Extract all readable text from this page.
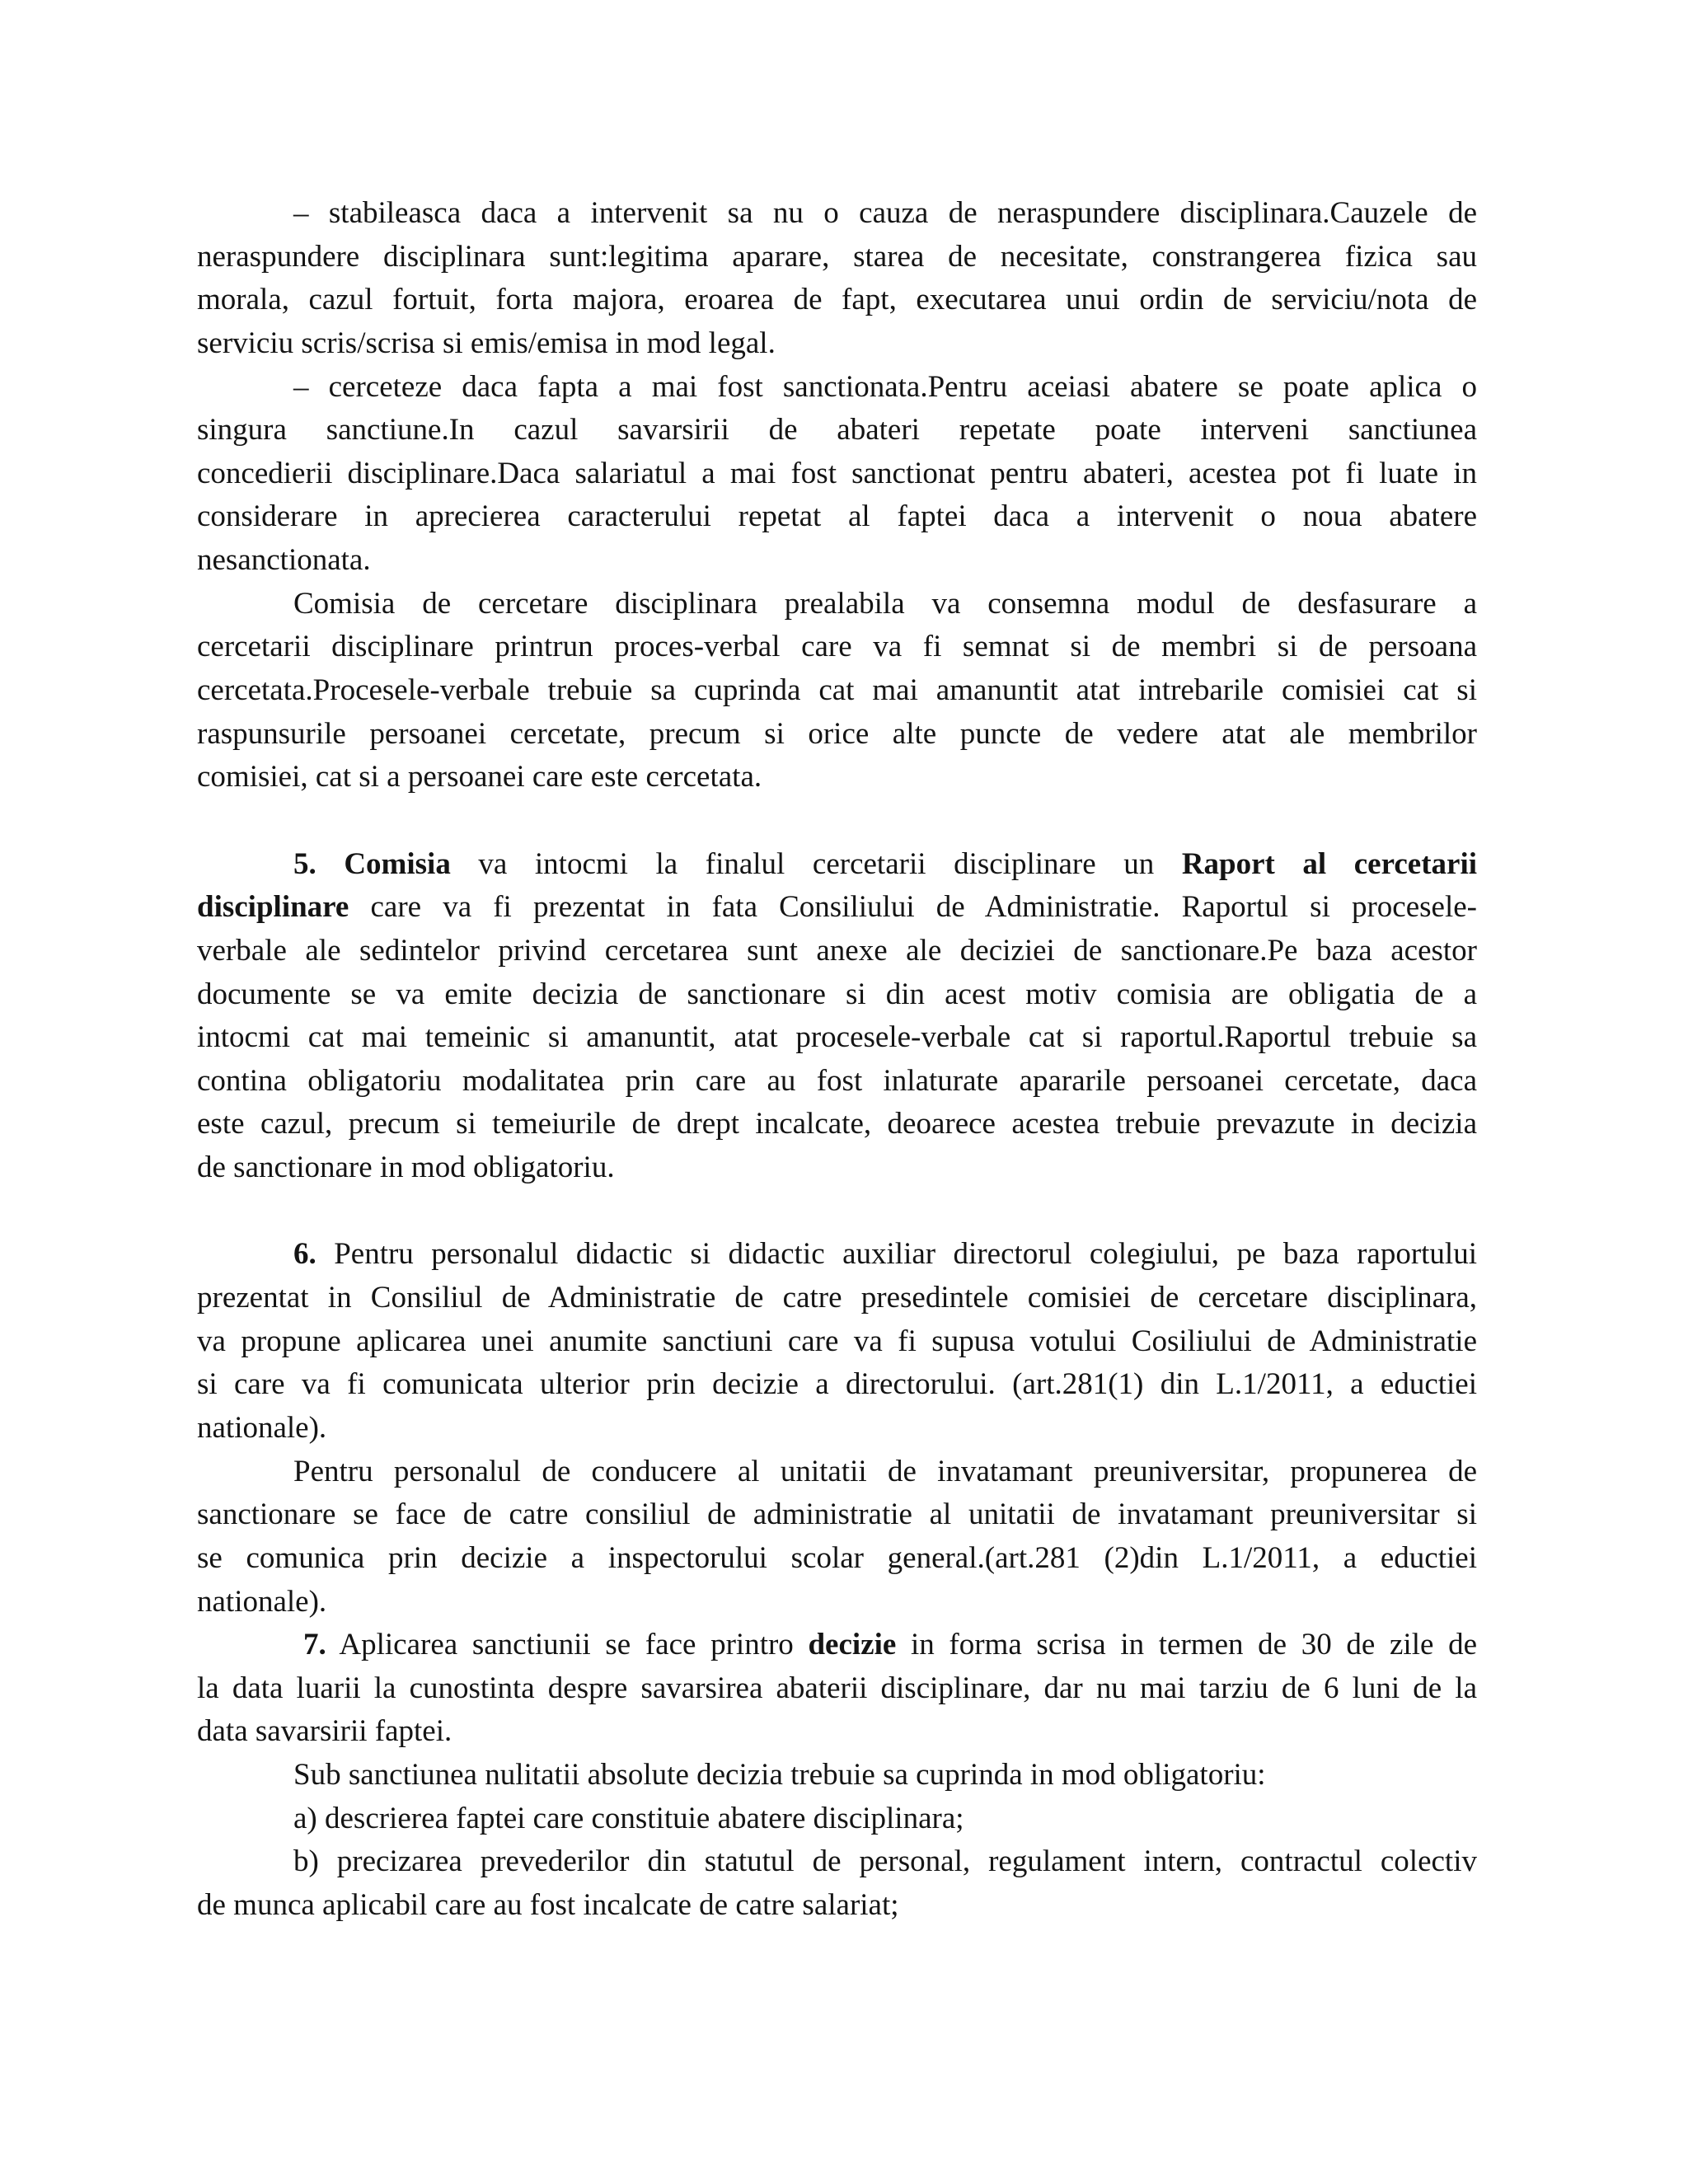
– stabileasca daca a intervenit sa nu o cauza de neraspundere disciplinara.Cauzele de
neraspundere disciplinara sunt:legitima aparare, starea de necesitate, constrangerea fizica sau
morala, cazul fortuit, forta majora, eroarea de fapt, executarea unui ordin de serviciu/nota de
serviciu scris/scrisa si emis/emisa in mod legal.
– cerceteze daca fapta a mai fost sanctionata.Pentru aceiasi abatere se poate aplica o
singura sanctiune.In cazul savarsirii de abateri repetate poate interveni sanctiunea
concedierii disciplinare.Daca salariatul a mai fost sanctionat pentru abateri, acestea pot fi luate in
considerare in aprecierea caracterului repetat al faptei daca a intervenit o noua abatere
nesanctionata.
Comisia de cercetare disciplinara prealabila va consemna modul de desfasurare a
cercetarii disciplinare printrun proces-verbal care va fi semnat si de membri si de persoana
cercetata.Procesele-verbale trebuie sa cuprinda cat mai amanuntit atat intrebarile comisiei cat si
raspunsurile persoanei cercetate, precum si orice alte puncte de vedere atat ale membrilor
comisiei, cat si a persoanei care este cercetata.
5. Comisia va intocmi la finalul cercetarii disciplinare un Raport al cercetarii
disciplinare care va fi prezentat in fata Consiliului de Administratie. Raportul si procesele-
verbale ale sedintelor privind cercetarea sunt anexe ale deciziei de sanctionare.Pe baza acestor
documente se va emite decizia de sanctionare si din acest motiv comisia are obligatia de a
intocmi cat mai temeinic si amanuntit, atat procesele-verbale cat si raportul.Raportul trebuie sa
contina obligatoriu modalitatea prin care au fost inlaturate apararile persoanei cercetate, daca
este cazul, precum si temeiurile de drept incalcate, deoarece acestea trebuie prevazute in decizia
de sanctionare in mod obligatoriu.
6. Pentru personalul didactic si didactic auxiliar directorul colegiului, pe baza raportului
prezentat in Consiliul de Administratie de catre presedintele comisiei de cercetare disciplinara,
va propune aplicarea unei anumite sanctiuni care va fi supusa votului Cosiliului de Administratie
si care va fi comunicata ulterior prin decizie a directorului. (art.281(1) din L.1/2011, a eductiei
nationale).
Pentru personalul de conducere al unitatii de invatamant preuniversitar, propunerea de
sanctionare se face de catre consiliul de administratie al unitatii de invatamant preuniversitar si
se comunica prin decizie a inspectorului scolar general.(art.281 (2)din L.1/2011, a eductiei
nationale).
7. Aplicarea sanctiunii se face printro decizie in forma scrisa in termen de 30 de zile de
la data luarii la cunostinta despre savarsirea abaterii disciplinare, dar nu mai tarziu de 6 luni de la
data savarsirii faptei.
Sub sanctiunea nulitatii absolute decizia trebuie sa cuprinda in mod obligatoriu:
a) descrierea faptei care constituie abatere disciplinara;
b) precizarea prevederilor din statutul de personal, regulament intern, contractul colectiv
de munca aplicabil care au fost incalcate de catre salariat;
